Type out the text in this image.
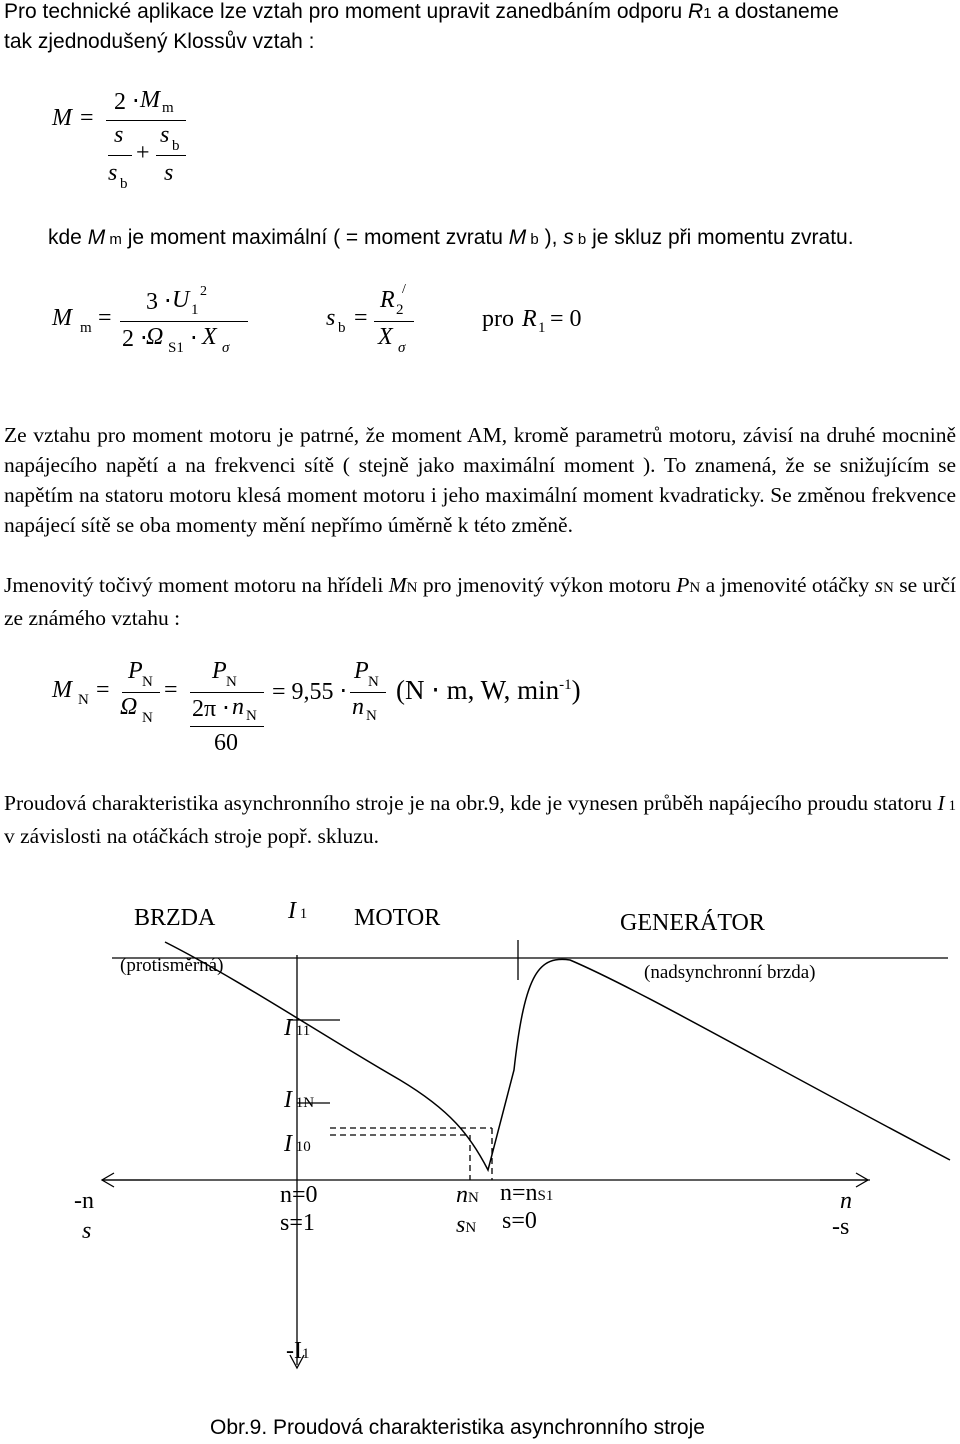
Pro technické aplikace lze vztah pro moment upravit zanedbáním odporu R1 a dostaneme
tak zjednodušený Klossův vztah :
M =
2 ⋅ M m
s
+
s b
s b s
kde M m je moment maximální ( = moment zvratu M b ), s b je skluz při momentu zvratu.
M m =
3 ⋅ U 1
2
2 ⋅
Ω S1 ⋅ X σ
s b =
R 2
/
X σ
pro R 1 = 0
Ze vztahu pro moment motoru je patrné, že moment AM, kromě parametrů motoru, závisí na druhé mocnině napájecího napětí a na frekvenci sítě ( stejně jako maximální moment ). To znamená, že se snižujícím se napětím na statoru motoru klesá moment motoru i jeho maximální moment kvadraticky. Se změnou frekvence napájecí sítě se oba momenty mění nepřímo úměrně k této změně.
Jmenovitý točivý moment motoru na hřídeli MN pro jmenovitý výkon motoru PN a jmenovité otáčky sN se určí ze známého vztahu :
M N =
P N
Ω N
=
P N
2π ⋅ n N
60
= 9,55 ⋅
P N
n N
(N ⋅ m, W, $\min^{-1}$)
Proudová charakteristika asynchronního stroje je na obr.9, kde je vynesen průběh napájecího proudu statoru I 1 v závislosti na otáčkách stroje popř. skluzu.
BRZDA
(protisměrná)
I 1 MOTOR	GENERÁTOR
(nadsynchronní brzda)
I 11
I 1N
I 10
-n
s
n=0
s=1
nN
sN
n=nS1
s=0
n
-s
-I1
Obr.9. Proudová charakteristika asynchronního stroje
